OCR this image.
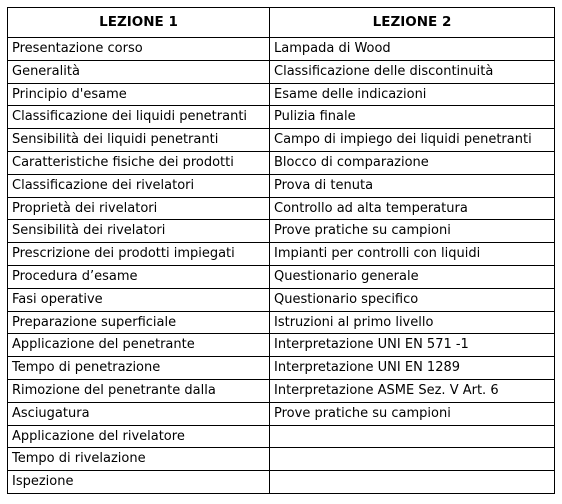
LEZIONE 1	LEZIONE 2
Presentazione corso	Lampada di Wood
Generalità	Classificazione delle discontinuità
Principio d'esame	Esame delle indicazioni
Classificazione dei liquidi penetranti	Pulizia finale
Sensibilità dei liquidi penetranti	Campo di impiego dei liquidi penetranti
Caratteristiche fisiche dei prodotti	Blocco di comparazione
Classificazione dei rivelatori	Prova di tenuta
Proprietà dei rivelatori	Controllo ad alta temperatura
Sensibilità dei rivelatori	Prove pratiche su campioni
Prescrizione dei prodotti impiegati	Impianti per controlli con liquidi
Procedura d’esame	Questionario generale
Fasi operative	Questionario specifico
Preparazione superficiale	Istruzioni al primo livello
Applicazione del penetrante	Interpretazione UNI EN 571 -1
Tempo di penetrazione	Interpretazione UNI EN 1289
Rimozione del penetrante dalla	Interpretazione ASME Sez. V Art. 6
Asciugatura	Prove pratiche su campioni
Applicazione del rivelatore	
Tempo di rivelazione	
Ispezione	
